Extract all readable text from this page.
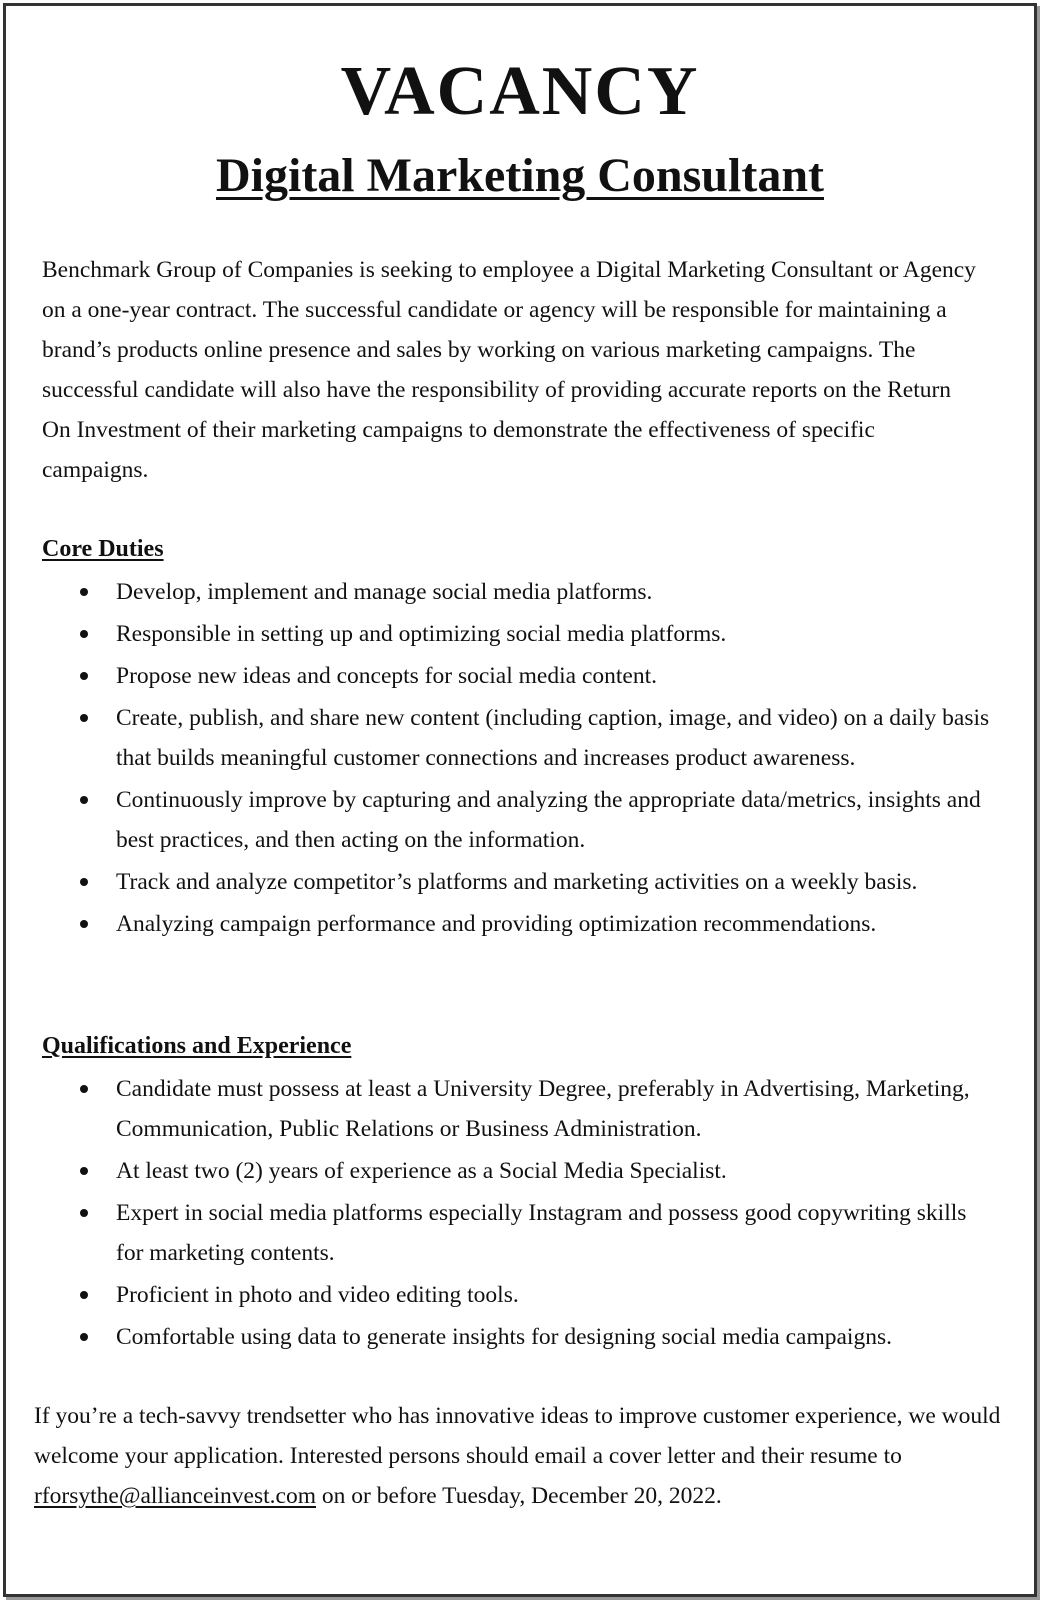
VACANCY
Digital Marketing Consultant

Benchmark Group of Companies is seeking to employee a Digital Marketing Consultant or Agency on a one-year contract. The successful candidate or agency will be responsible for maintaining a brand’s products online presence and sales by working on various marketing campaigns. The successful candidate will also have the responsibility of providing accurate reports on the Return On Investment of their marketing campaigns to demonstrate the effectiveness of specific campaigns.

Core Duties
Develop, implement and manage social media platforms.
Responsible in setting up and optimizing social media platforms.
Propose new ideas and concepts for social media content.
Create, publish, and share new content (including caption, image, and video) on a daily basis that builds meaningful customer connections and increases product awareness.
Continuously improve by capturing and analyzing the appropriate data/metrics, insights and best practices, and then acting on the information.
Track and analyze competitor’s platforms and marketing activities on a weekly basis.
Analyzing campaign performance and providing optimization recommendations.
Qualifications and Experience
Candidate must possess at least a University Degree, preferably in Advertising, Marketing, Communication, Public Relations or Business Administration.
At least two (2) years of experience as a Social Media Specialist.
Expert in social media platforms especially Instagram and possess good copywriting skills for marketing contents.
Proficient in photo and video editing tools.
Comfortable using data to generate insights for designing social media campaigns.

If you’re a tech-savvy trendsetter who has innovative ideas to improve customer experience, we would welcome your application. Interested persons should email a cover letter and their resume to rforsythe@allianceinvest.com on or before Tuesday, December 20, 2022.
